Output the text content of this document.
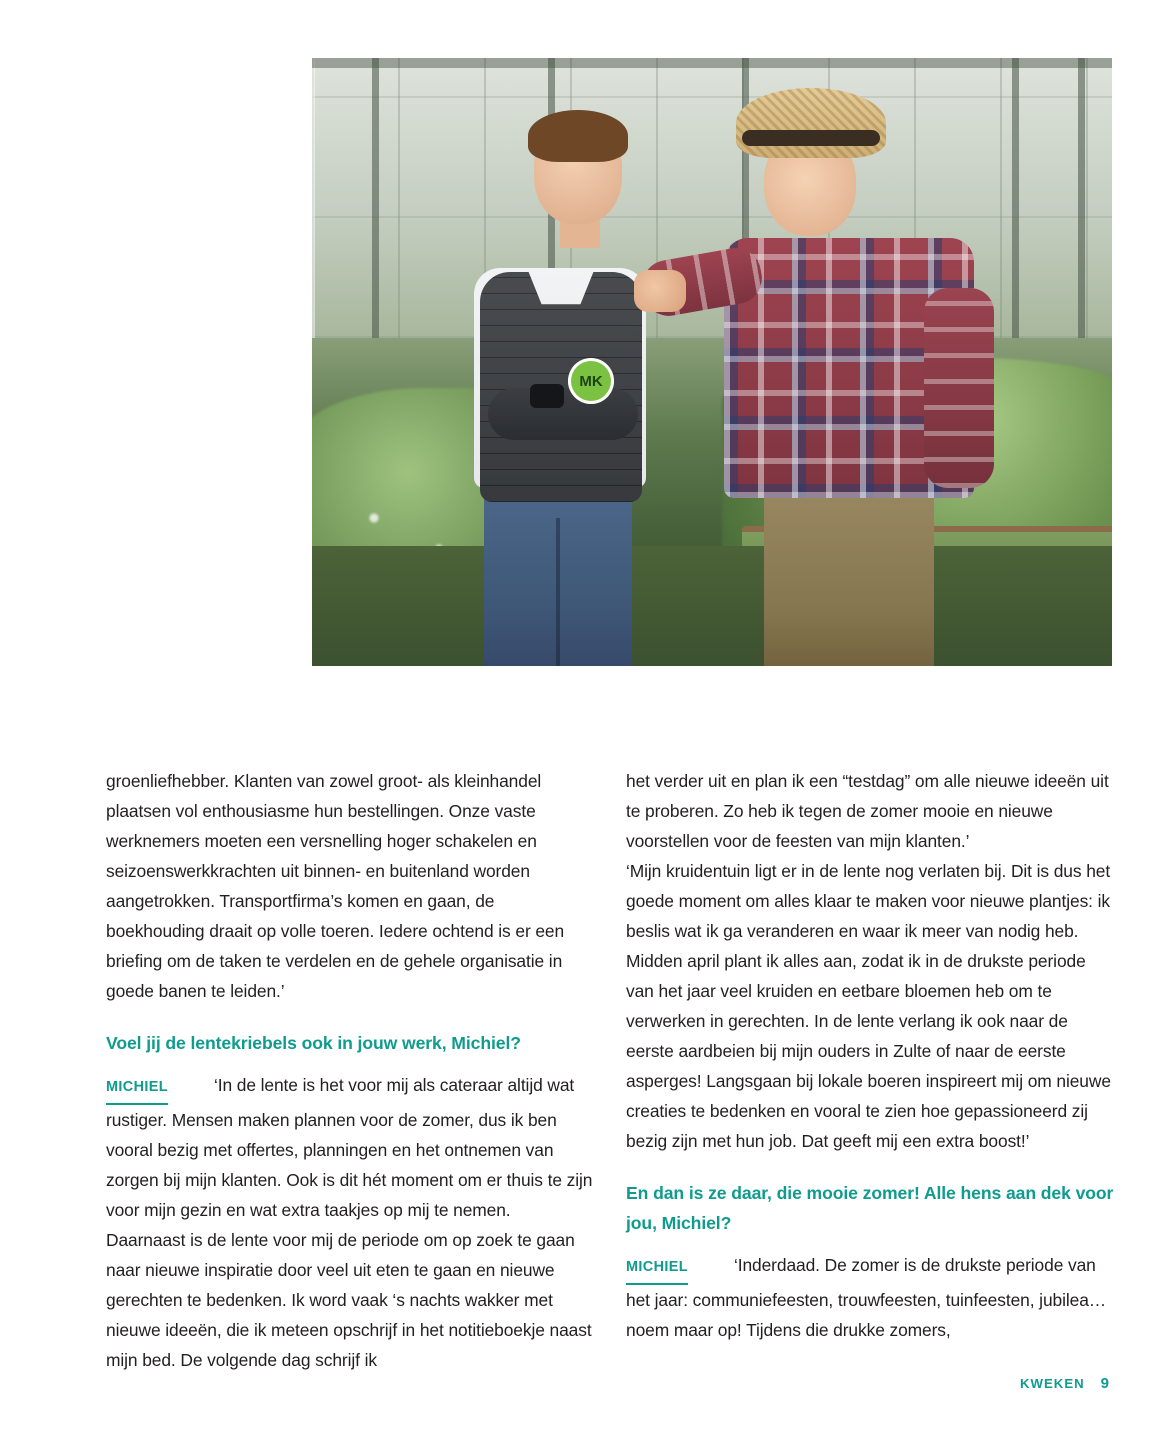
MK

groenliefhebber. Klanten van zowel groot- als kleinhandel plaatsen vol enthousiasme hun bestellingen. Onze vaste werknemers moeten een versnelling hoger schakelen en seizoenswerkkrachten uit binnen- en buitenland worden aangetrokken. Transportfirma’s komen en gaan, de boekhouding draait op volle toeren. Iedere ochtend is er een briefing om de taken te verdelen en de gehele organisatie in goede banen te leiden.’

Voel jij de lentekriebels ook in jouw werk, Michiel?

MICHIEL	‘In de lente is het voor mij als cateraar altijd wat rustiger. Mensen maken plannen voor de zomer, dus ik ben vooral bezig met offertes, planningen en het ontnemen van zorgen bij mijn klanten. Ook is dit hét moment om er thuis te zijn voor mijn gezin en wat extra taakjes op mij te nemen.

Daarnaast is de lente voor mij de periode om op zoek te gaan naar nieuwe inspiratie door veel uit eten te gaan en nieuwe gerechten te bedenken. Ik word vaak ‘s nachts wakker met nieuwe ideeën, die ik meteen opschrijf in het notitieboekje naast mijn bed. De volgende dag schrijf ik

het verder uit en plan ik een “testdag” om alle nieuwe ideeën uit te proberen. Zo heb ik tegen de zomer mooie en nieuwe voorstellen voor de feesten van mijn klanten.’

‘Mijn kruidentuin ligt er in de lente nog verlaten bij. Dit is dus het goede moment om alles klaar te maken voor nieuwe plantjes: ik beslis wat ik ga veranderen en waar ik meer van nodig heb. Midden april plant ik alles aan, zodat ik in de drukste periode van het jaar veel kruiden en eetbare bloemen heb om te verwerken in gerechten. In de lente verlang ik ook naar de eerste aardbeien bij mijn ouders in Zulte of naar de eerste asperges! Langsgaan bij lokale boeren inspireert mij om nieuwe creaties te bedenken en vooral te zien hoe gepassioneerd zij bezig zijn met hun job. Dat geeft mij een extra boost!’

En dan is ze daar, die mooie zomer! Alle hens aan dek voor jou, Michiel?

MICHIEL	‘Inderdaad. De zomer is de drukste periode van het jaar: communiefeesten, trouwfeesten, tuinfeesten, jubilea… noem maar op! Tijdens die drukke zomers,

KWEKEN 9
